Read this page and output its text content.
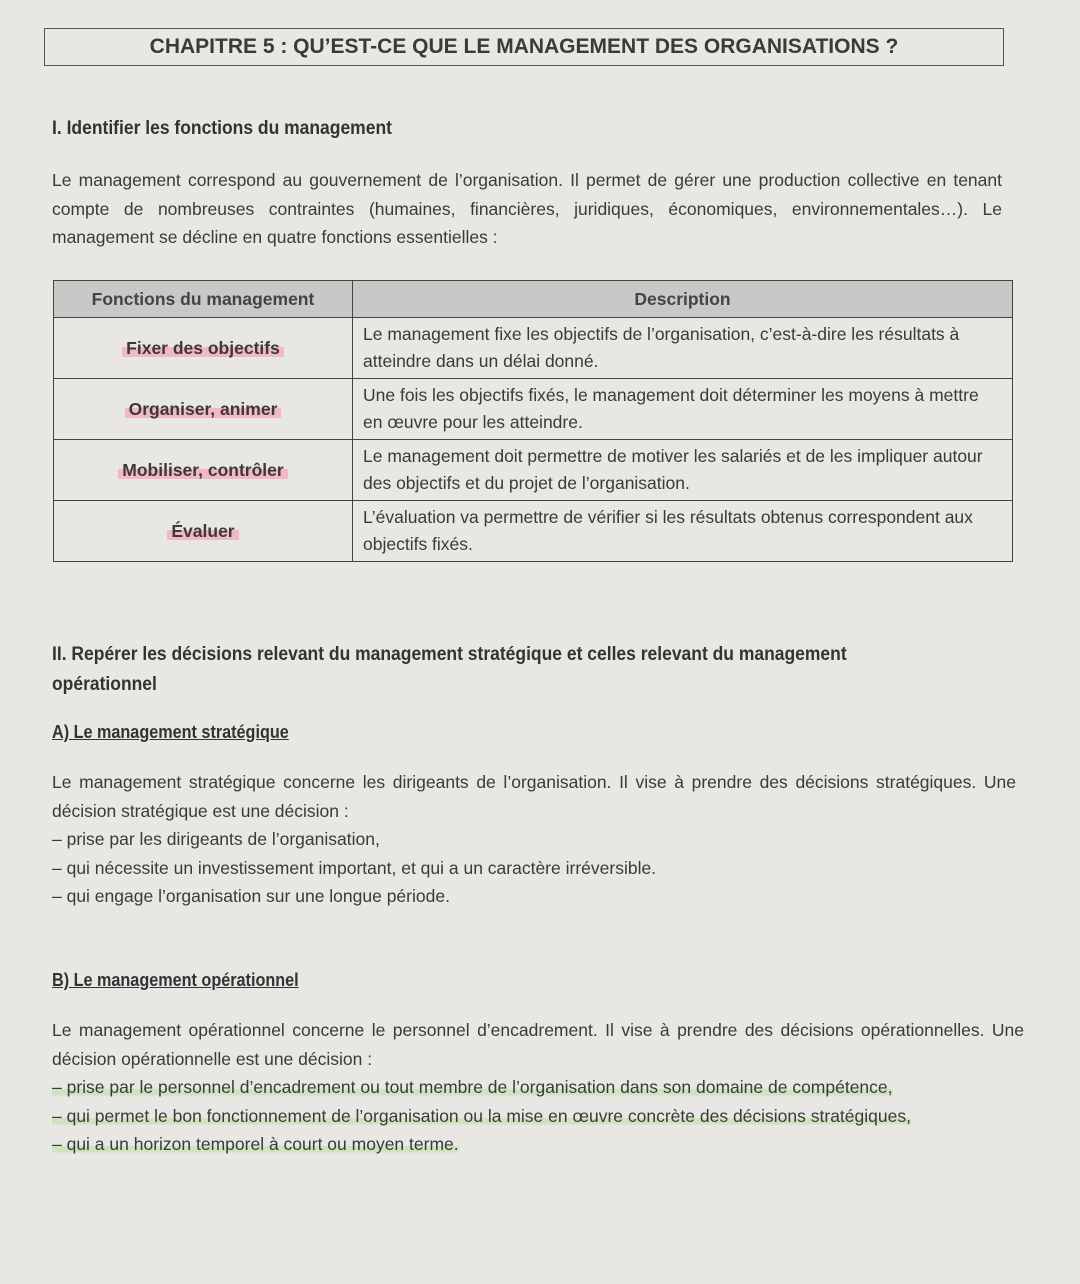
CHAPITRE 5 : QU’EST-CE QUE LE MANAGEMENT DES ORGANISATIONS ?
I. Identifier les fonctions du management
Le management correspond au gouvernement de l’organisation. Il permet de gérer une production collective en tenant compte de nombreuses contraintes (humaines, financières, juridiques, économiques, environnementales…). Le management se décline en quatre fonctions essentielles :
Fonctions du management	Description
Fixer des objectifs	Le management fixe les objectifs de l’organisation, c’est-à-dire les résultats à atteindre dans un délai donné.
Organiser, animer	Une fois les objectifs fixés, le management doit déterminer les moyens à mettre en œuvre pour les atteindre.
Mobiliser, contrôler	Le management doit permettre de motiver les salariés et de les impliquer autour des objectifs et du projet de l’organisation.
Évaluer	L’évaluation va permettre de vérifier si les résultats obtenus correspondent aux objectifs fixés.
II. Repérer les décisions relevant du management stratégique et celles relevant du management opérationnel
A) Le management stratégique
Le management stratégique concerne les dirigeants de l’organisation. Il vise à prendre des décisions stratégiques. Une décision stratégique est une décision :
– prise par les dirigeants de l’organisation,
– qui nécessite un investissement important, et qui a un caractère irréversible.
– qui engage l’organisation sur une longue période.
B) Le management opérationnel
Le management opérationnel concerne le personnel d’encadrement. Il vise à prendre des décisions opérationnelles. Une décision opérationnelle est une décision :
– prise par le personnel d’encadrement ou tout membre de l’organisation dans son domaine de compétence,
– qui permet le bon fonctionnement de l’organisation ou la mise en œuvre concrète des décisions stratégiques,
– qui a un horizon temporel à court ou moyen terme.
